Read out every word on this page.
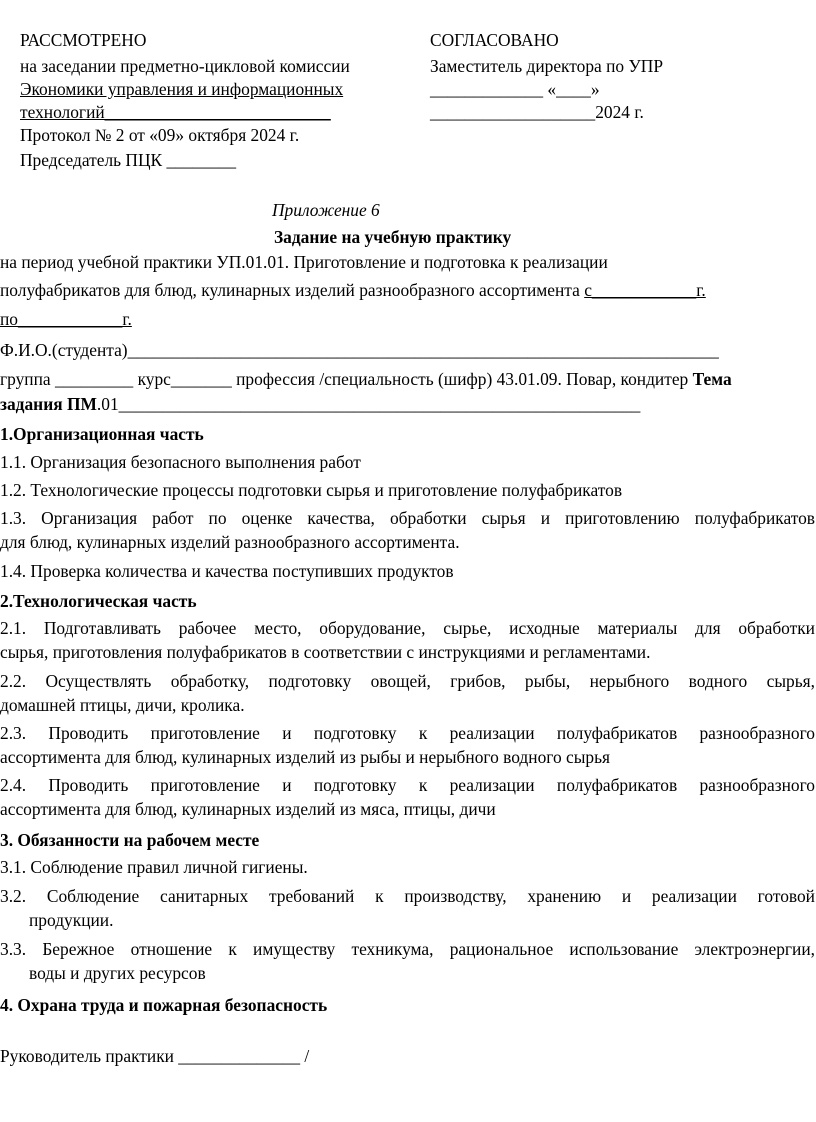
РАССМОТРЕНО
на заседании предметно-цикловой комиссии
Экономики управления и информационных
технологий__________________________
Протокол № 2 от «09» октября 2024 г.
Председатель ПЦК ________
СОГЛАСОВАНО
Заместитель директора по УПР
_____________ «____»
___________________2024 г.
Приложение 6
Задание на учебную практику
на период учебной практики УП.01.01. Приготовление и подготовка к реализации
полуфабрикатов для блюд, кулинарных изделий разнообразного ассортимента с____________г.
по____________г.
Ф.И.О.(студента)____________________________________________________________________
группа _________ курс_______ профессия /специальность (шифр) 43.01.09. Повар, кондитер Тема
задания ПМ.01____________________________________________________________
1.Организационная часть
1.1. Организация безопасного выполнения работ
1.2. Технологические процессы подготовки сырья и приготовление полуфабрикатов
1.3. Организация работ по оценке качества, обработки сырья и приготовлению полуфабрикатов
для блюд, кулинарных изделий разнообразного ассортимента.
1.4. Проверка количества и качества поступивших продуктов
2.Технологическая часть
2.1. Подготавливать рабочее место, оборудование, сырье, исходные материалы для обработки
сырья, приготовления полуфабрикатов в соответствии с инструкциями и регламентами.
2.2. Осуществлять обработку, подготовку овощей, грибов, рыбы, нерыбного водного сырья,
домашней птицы, дичи, кролика.
2.3. Проводить приготовление и подготовку к реализации полуфабрикатов разнообразного
ассортимента для блюд, кулинарных изделий из рыбы и нерыбного водного сырья
2.4. Проводить приготовление и подготовку к реализации полуфабрикатов разнообразного
ассортимента для блюд, кулинарных изделий из мяса, птицы, дичи
3. Обязанности на рабочем месте
3.1. Соблюдение правил личной гигиены.
3.2. Соблюдение санитарных требований к производству, хранению и реализации готовой
продукции.
3.3. Бережное отношение к имуществу техникума, рациональное использование электроэнергии,
воды и других ресурсов
4. Охрана труда и пожарная безопасность
Руководитель практики ______________ /
